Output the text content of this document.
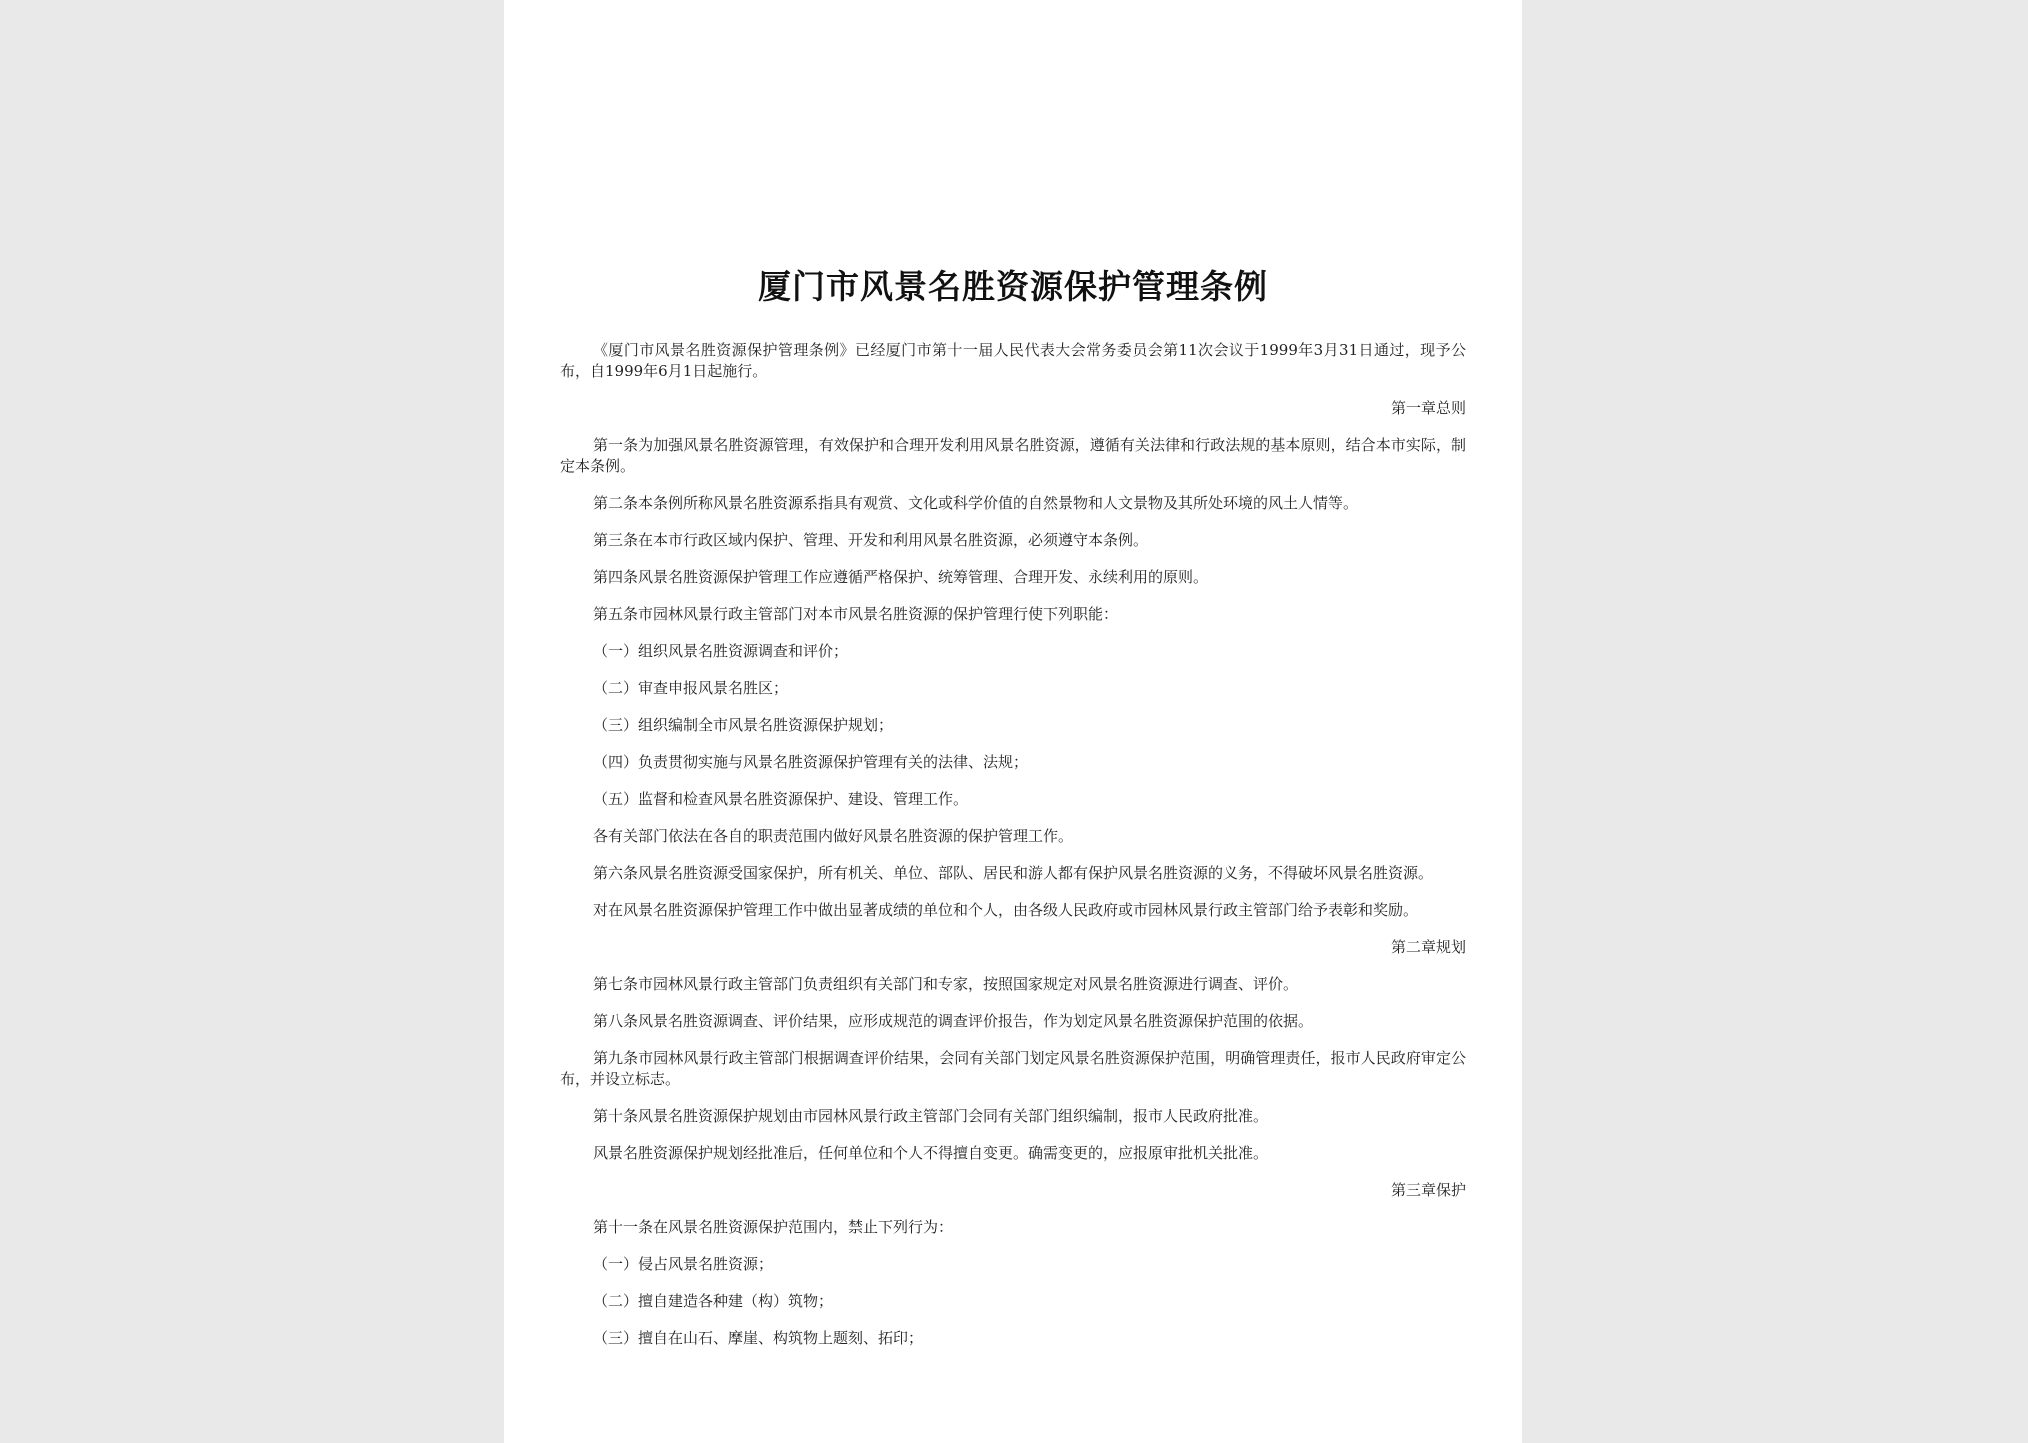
厦门市风景名胜资源保护管理条例
《厦门市风景名胜资源保护管理条例》已经厦门市第十一届人民代表大会常务委员会第11次会议于1999年3月31日通过，现予公布，自1999年6月1日起施行。
第一章总则
第一条为加强风景名胜资源管理，有效保护和合理开发利用风景名胜资源，遵循有关法律和行政法规的基本原则，结合本市实际，制定本条例。
第二条本条例所称风景名胜资源系指具有观赏、文化或科学价值的自然景物和人文景物及其所处环境的风土人情等。
第三条在本市行政区域内保护、管理、开发和利用风景名胜资源，必须遵守本条例。
第四条风景名胜资源保护管理工作应遵循严格保护、统筹管理、合理开发、永续利用的原则。
第五条市园林风景行政主管部门对本市风景名胜资源的保护管理行使下列职能：
（一）组织风景名胜资源调查和评价；
（二）审查申报风景名胜区；
（三）组织编制全市风景名胜资源保护规划；
（四）负责贯彻实施与风景名胜资源保护管理有关的法律、法规；
（五）监督和检查风景名胜资源保护、建设、管理工作。
各有关部门依法在各自的职责范围内做好风景名胜资源的保护管理工作。
第六条风景名胜资源受国家保护，所有机关、单位、部队、居民和游人都有保护风景名胜资源的义务，不得破坏风景名胜资源。
对在风景名胜资源保护管理工作中做出显著成绩的单位和个人，由各级人民政府或市园林风景行政主管部门给予表彰和奖励。
第二章规划
第七条市园林风景行政主管部门负责组织有关部门和专家，按照国家规定对风景名胜资源进行调查、评价。
第八条风景名胜资源调查、评价结果，应形成规范的调查评价报告，作为划定风景名胜资源保护范围的依据。
第九条市园林风景行政主管部门根据调查评价结果，会同有关部门划定风景名胜资源保护范围，明确管理责任，报市人民政府审定公布，并设立标志。
第十条风景名胜资源保护规划由市园林风景行政主管部门会同有关部门组织编制，报市人民政府批准。
风景名胜资源保护规划经批准后，任何单位和个人不得擅自变更。确需变更的，应报原审批机关批准。
第三章保护
第十一条在风景名胜资源保护范围内，禁止下列行为：
（一）侵占风景名胜资源；
（二）擅自建造各种建（构）筑物；
（三）擅自在山石、摩崖、构筑物上题刻、拓印；
